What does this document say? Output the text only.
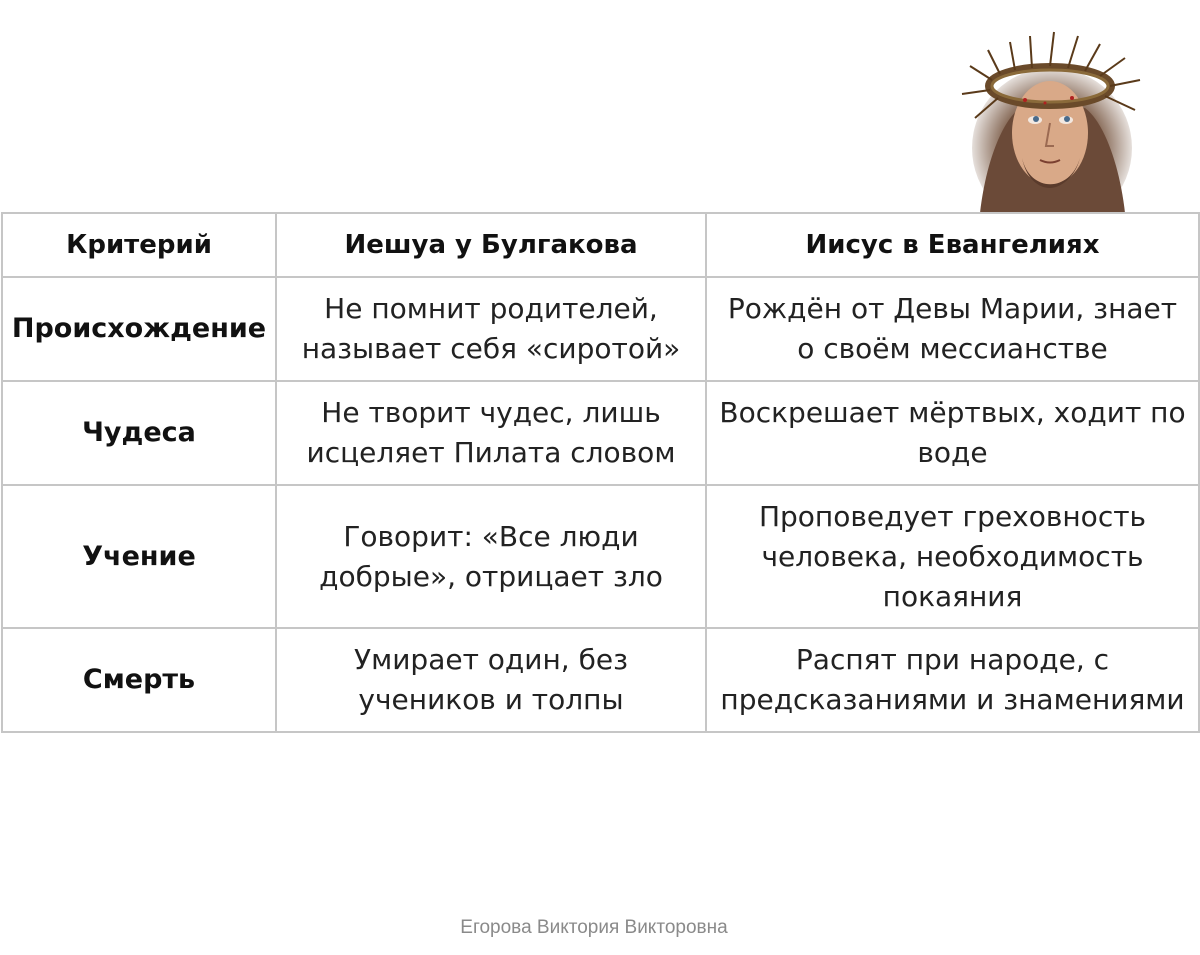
Критерий	Иешуа у Булгакова	Иисус в Евангелиях
Происхождение	Не помнит родителей, называет себя «сиротой»	Рождён от Девы Марии, знает о своём мессианстве
Чудеса	Не творит чудес, лишь исцеляет Пилата словом	Воскрешает мёртвых, ходит по воде
Учение	Говорит: «Все люди добрые», отрицает зло	Проповедует греховность человека, необходимость покаяния
Смерть	Умирает один, без учеников и толпы	Распят при народе, с предсказаниями и знамениями
Егорова Виктория Викторовна
